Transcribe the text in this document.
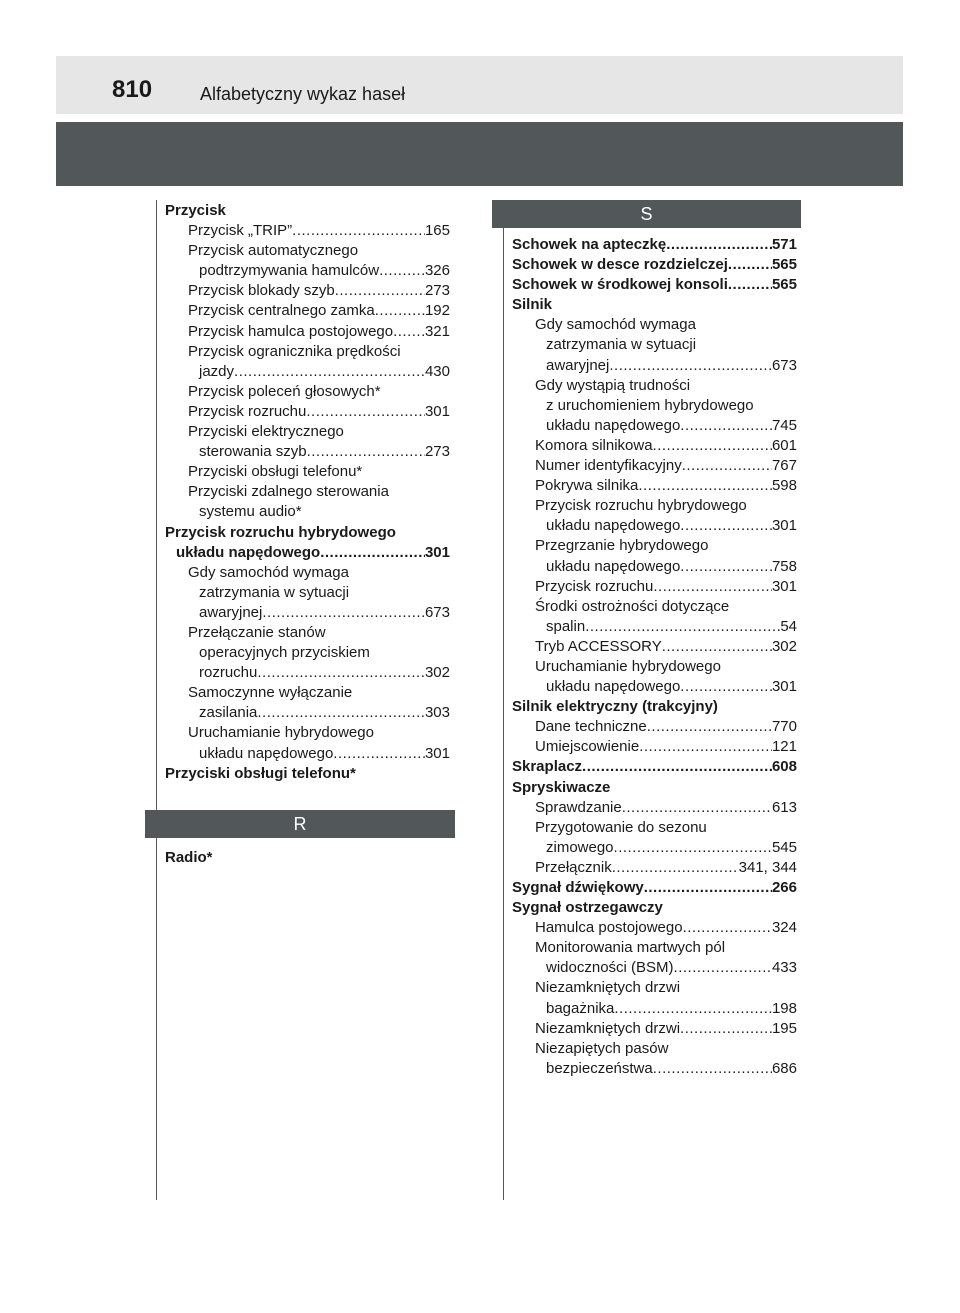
810	Alfabetyczny wykaz haseł
Przycisk
Przycisk „TRIP” .....	165
Przycisk automatycznego
podtrzymywania hamulców .....	326
Przycisk blokady szyb .....	273
Przycisk centralnego zamka .....	192
Przycisk hamulca postojowego ..... 321
Przycisk ogranicznika prędkości
jazdy .....	430
Przycisk poleceń głosowych*
Przycisk rozruchu .....	301
Przyciski elektrycznego
sterowania szyb .....	273
Przyciski obsługi telefonu*
Przyciski zdalnego sterowania
systemu audio*
Przycisk rozruchu hybrydowego
układu napędowego .....	301
Gdy samochód wymaga
zatrzymania w sytuacji
awaryjnej .....	673
Przełączanie stanów
operacyjnych przyciskiem
rozruchu .....	302
Samoczynne wyłączanie
zasilania .....	303
Uruchamianie hybrydowego
układu napędowego .....	301
Przyciski obsługi telefonu*
R
Radio*
S
Schowek na apteczkę .....	571
Schowek w desce rozdzielczej .....	565
Schowek w środkowej konsoli .....	565
Silnik
Gdy samochód wymaga
zatrzymania w sytuacji
awaryjnej .....	673
Gdy wystąpią trudności
z uruchomieniem hybrydowego
układu napędowego .....	745
Komora silnikowa .....	601
Numer identyfikacyjny .....	767
Pokrywa silnika .....	598
Przycisk rozruchu hybrydowego
układu napędowego .....	301
Przegrzanie hybrydowego
układu napędowego .....	758
Przycisk rozruchu .....	301
Środki ostrożności dotyczące
spalin .....	54
Tryb ACCESSORY .....	302
Uruchamianie hybrydowego
układu napędowego .....	301
Silnik elektryczny (trakcyjny)
Dane techniczne .....	770
Umiejscowienie .....	121
Skraplacz .....	608
Spryskiwacze
Sprawdzanie .....	613
Przygotowanie do sezonu
zimowego .....	545
Przełącznik .....	341, 344
Sygnał dźwiękowy .....	266
Sygnał ostrzegawczy
Hamulca postojowego .....	324
Monitorowania martwych pól
widoczności (BSM) .....	433
Niezamkniętych drzwi
bagażnika .....	198
Niezamkniętych drzwi .....	195
Niezapiętych pasów
bezpieczeństwa .....	686
